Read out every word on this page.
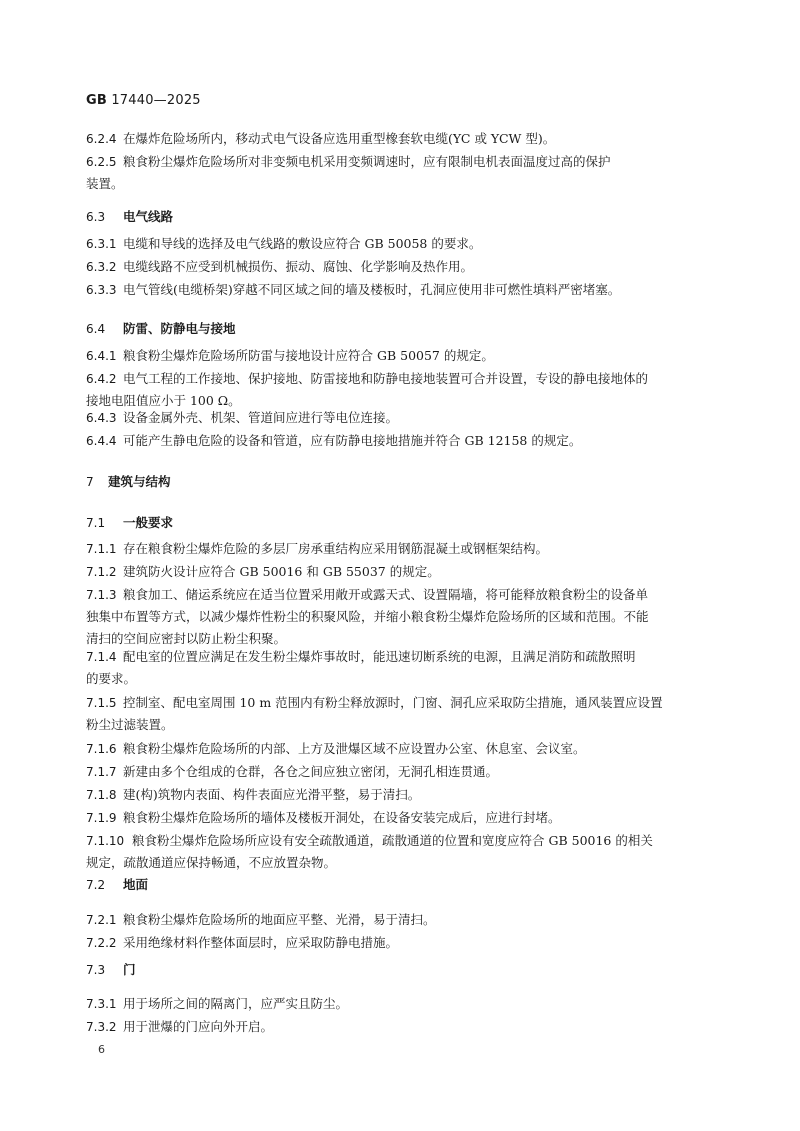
GB 17440—2025
6.2.4 在爆炸危险场所内，移动式电气设备应选用重型橡套软电缆(YC 或 YCW 型)。
6.2.5 粮食粉尘爆炸危险场所对非变频电机采用变频调速时，应有限制电机表面温度过高的保护
装置。
6.3 电气线路
6.3.1 电缆和导线的选择及电气线路的敷设应符合 GB 50058 的要求。
6.3.2 电缆线路不应受到机械损伤、振动、腐蚀、化学影响及热作用。
6.3.3 电气管线(电缆桥架)穿越不同区域之间的墙及楼板时，孔洞应使用非可燃性填料严密堵塞。
6.4 防雷、防静电与接地
6.4.1 粮食粉尘爆炸危险场所防雷与接地设计应符合 GB 50057 的规定。
6.4.2 电气工程的工作接地、保护接地、防雷接地和防静电接地装置可合并设置，专设的静电接地体的
接地电阻值应小于 100 Ω。
6.4.3 设备金属外壳、机架、管道间应进行等电位连接。
6.4.4 可能产生静电危险的设备和管道，应有防静电接地措施并符合 GB 12158 的规定。
7 建筑与结构
7.1 一般要求
7.1.1 存在粮食粉尘爆炸危险的多层厂房承重结构应采用钢筋混凝土或钢框架结构。
7.1.2 建筑防火设计应符合 GB 50016 和 GB 55037 的规定。
7.1.3 粮食加工、储运系统应在适当位置采用敞开或露天式、设置隔墙，将可能释放粮食粉尘的设备单
独集中布置等方式，以减少爆炸性粉尘的积聚风险，并缩小粮食粉尘爆炸危险场所的区域和范围。不能
清扫的空间应密封以防止粉尘积聚。
7.1.4 配电室的位置应满足在发生粉尘爆炸事故时，能迅速切断系统的电源，且满足消防和疏散照明
的要求。
7.1.5 控制室、配电室周围 10 m 范围内有粉尘释放源时，门窗、洞孔应采取防尘措施，通风装置应设置
粉尘过滤装置。
7.1.6 粮食粉尘爆炸危险场所的内部、上方及泄爆区域不应设置办公室、休息室、会议室。
7.1.7 新建由多个仓组成的仓群，各仓之间应独立密闭，无洞孔相连贯通。
7.1.8 建(构)筑物内表面、构件表面应光滑平整，易于清扫。
7.1.9 粮食粉尘爆炸危险场所的墙体及楼板开洞处，在设备安装完成后，应进行封堵。
7.1.10 粮食粉尘爆炸危险场所应设有安全疏散通道，疏散通道的位置和宽度应符合 GB 50016 的相关
规定，疏散通道应保持畅通，不应放置杂物。
7.2 地面
7.2.1 粮食粉尘爆炸危险场所的地面应平整、光滑，易于清扫。
7.2.2 采用绝缘材料作整体面层时，应采取防静电措施。
7.3 门
7.3.1 用于场所之间的隔离门，应严实且防尘。
7.3.2 用于泄爆的门应向外开启。
6
